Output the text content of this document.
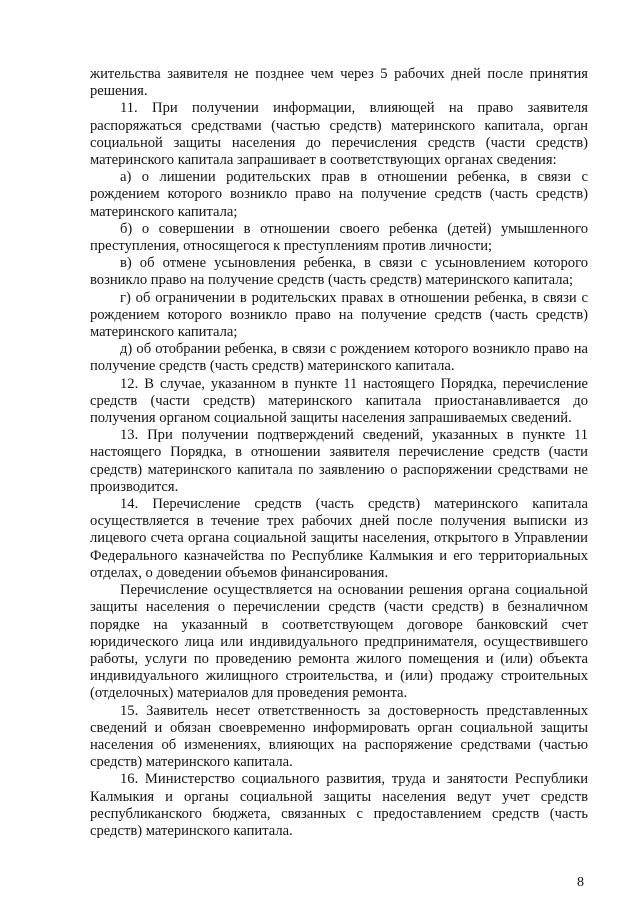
жительства заявителя не позднее чем через 5 рабочих дней после принятия решения.

11. При получении информации, влияющей на право заявителя распоряжаться средствами (частью средств) материнского капитала, орган социальной защиты населения до перечисления средств (части средств) материнского капитала запрашивает в соответствующих органах сведения:

а) о лишении родительских прав в отношении ребенка, в связи с рождением которого возникло право на получение средств (часть средств) материнского капитала;

б) о совершении в отношении своего ребенка (детей) умышленного преступления, относящегося к преступлениям против личности;

в) об отмене усыновления ребенка, в связи с усыновлением которого возникло право на получение средств (часть средств) материнского капитала;

г) об ограничении в родительских правах в отношении ребенка, в связи с рождением которого возникло право на получение средств (часть средств) материнского капитала;

д) об отобрании ребенка, в связи с рождением которого возникло право на получение средств (часть средств) материнского капитала.

12. В случае, указанном в пункте 11 настоящего Порядка, перечисление средств (части средств) материнского капитала приостанавливается до получения органом социальной защиты населения запрашиваемых сведений.

13. При получении подтверждений сведений, указанных в пункте 11 настоящего Порядка, в отношении заявителя перечисление средств (части средств) материнского капитала по заявлению о распоряжении средствами не производится.

14. Перечисление средств (часть средств) материнского капитала осуществляется в течение трех рабочих дней после получения выписки из лицевого счета органа социальной защиты населения, открытого в Управлении Федерального казначейства по Республике Калмыкия и его территориальных отделах, о доведении объемов финансирования.

Перечисление осуществляется на основании решения органа социальной защиты населения о перечислении средств (части средств) в безналичном порядке на указанный в соответствующем договоре банковский счет юридического лица или индивидуального предпринимателя, осуществившего работы, услуги по проведению ремонта жилого помещения и (или) объекта индивидуального жилищного строительства, и (или) продажу строительных (отделочных) материалов для проведения ремонта.

15. Заявитель несет ответственность за достоверность представленных сведений и обязан своевременно информировать орган социальной защиты населения об изменениях, влияющих на распоряжение средствами (частью средств) материнского капитала.

16. Министерство социального развития, труда и занятости Республики Калмыкия и органы социальной защиты населения ведут учет средств республиканского бюджета, связанных с предоставлением средств (часть средств) материнского капитала.

8
